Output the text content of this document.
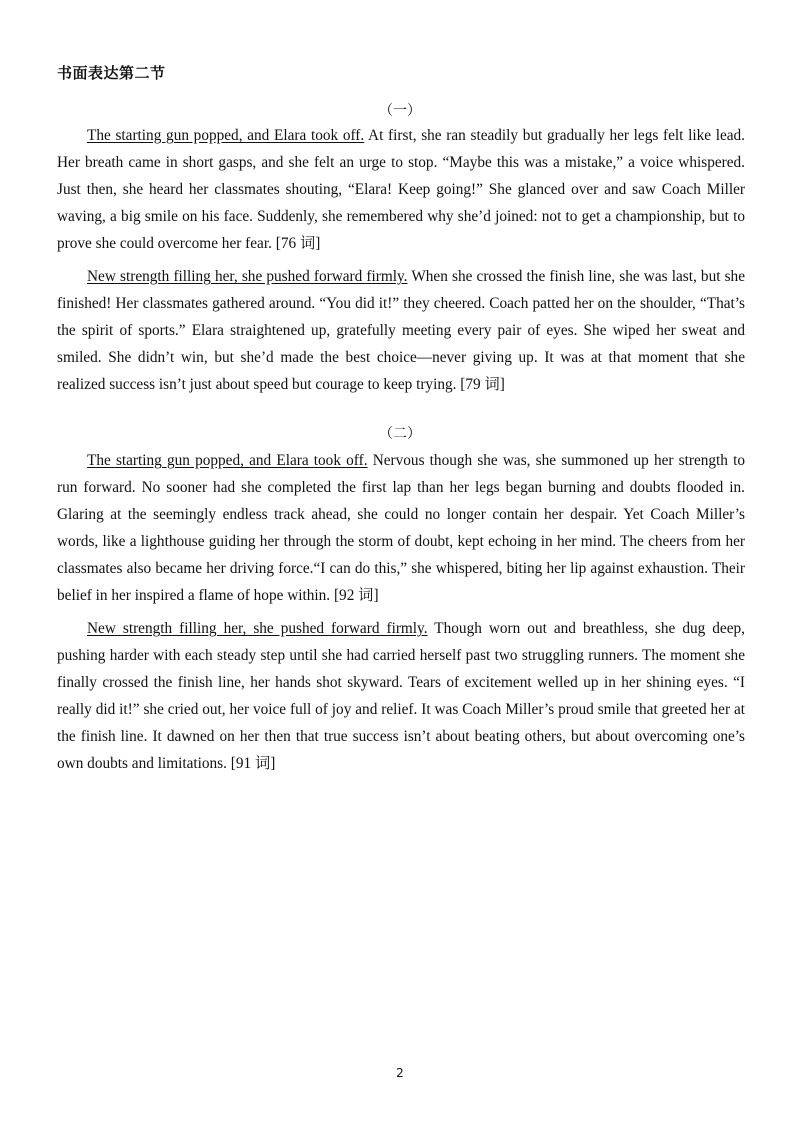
书面表达第二节
（一）

The starting gun popped, and Elara took off. At first, she ran steadily but gradually her legs felt like lead. Her breath came in short gasps, and she felt an urge to stop. “Maybe this was a mistake,” a voice whispered. Just then, she heard her classmates shouting, “Elara! Keep going!” She glanced over and saw Coach Miller waving, a big smile on his face. Suddenly, she remembered why she’d joined: not to get a championship, but to prove she could overcome her fear. [76 词]

New strength filling her, she pushed forward firmly. When she crossed the finish line, she was last, but she finished! Her classmates gathered around. “You did it!” they cheered. Coach patted her on the shoulder, “That’s the spirit of sports.” Elara straightened up, gratefully meeting every pair of eyes. She wiped her sweat and smiled. She didn’t win, but she’d made the best choice—never giving up. It was at that moment that she realized success isn’t just about speed but courage to keep trying. [79 词]

（二）

The starting gun popped, and Elara took off. Nervous though she was, she summoned up her strength to run forward. No sooner had she completed the first lap than her legs began burning and doubts flooded in. Glaring at the seemingly endless track ahead, she could no longer contain her despair. Yet Coach Miller’s words, like a lighthouse guiding her through the storm of doubt, kept echoing in her mind. The cheers from her classmates also became her driving force.“I can do this,” she whispered, biting her lip against exhaustion. Their belief in her inspired a flame of hope within. [92 词]

New strength filling her, she pushed forward firmly. Though worn out and breathless, she dug deep, pushing harder with each steady step until she had carried herself past two struggling runners. The moment she finally crossed the finish line, her hands shot skyward. Tears of excitement welled up in her shining eyes. “I really did it!” she cried out, her voice full of joy and relief. It was Coach Miller’s proud smile that greeted her at the finish line. It dawned on her then that true success isn’t about beating others, but about overcoming one’s own doubts and limitations. [91 词]

2
